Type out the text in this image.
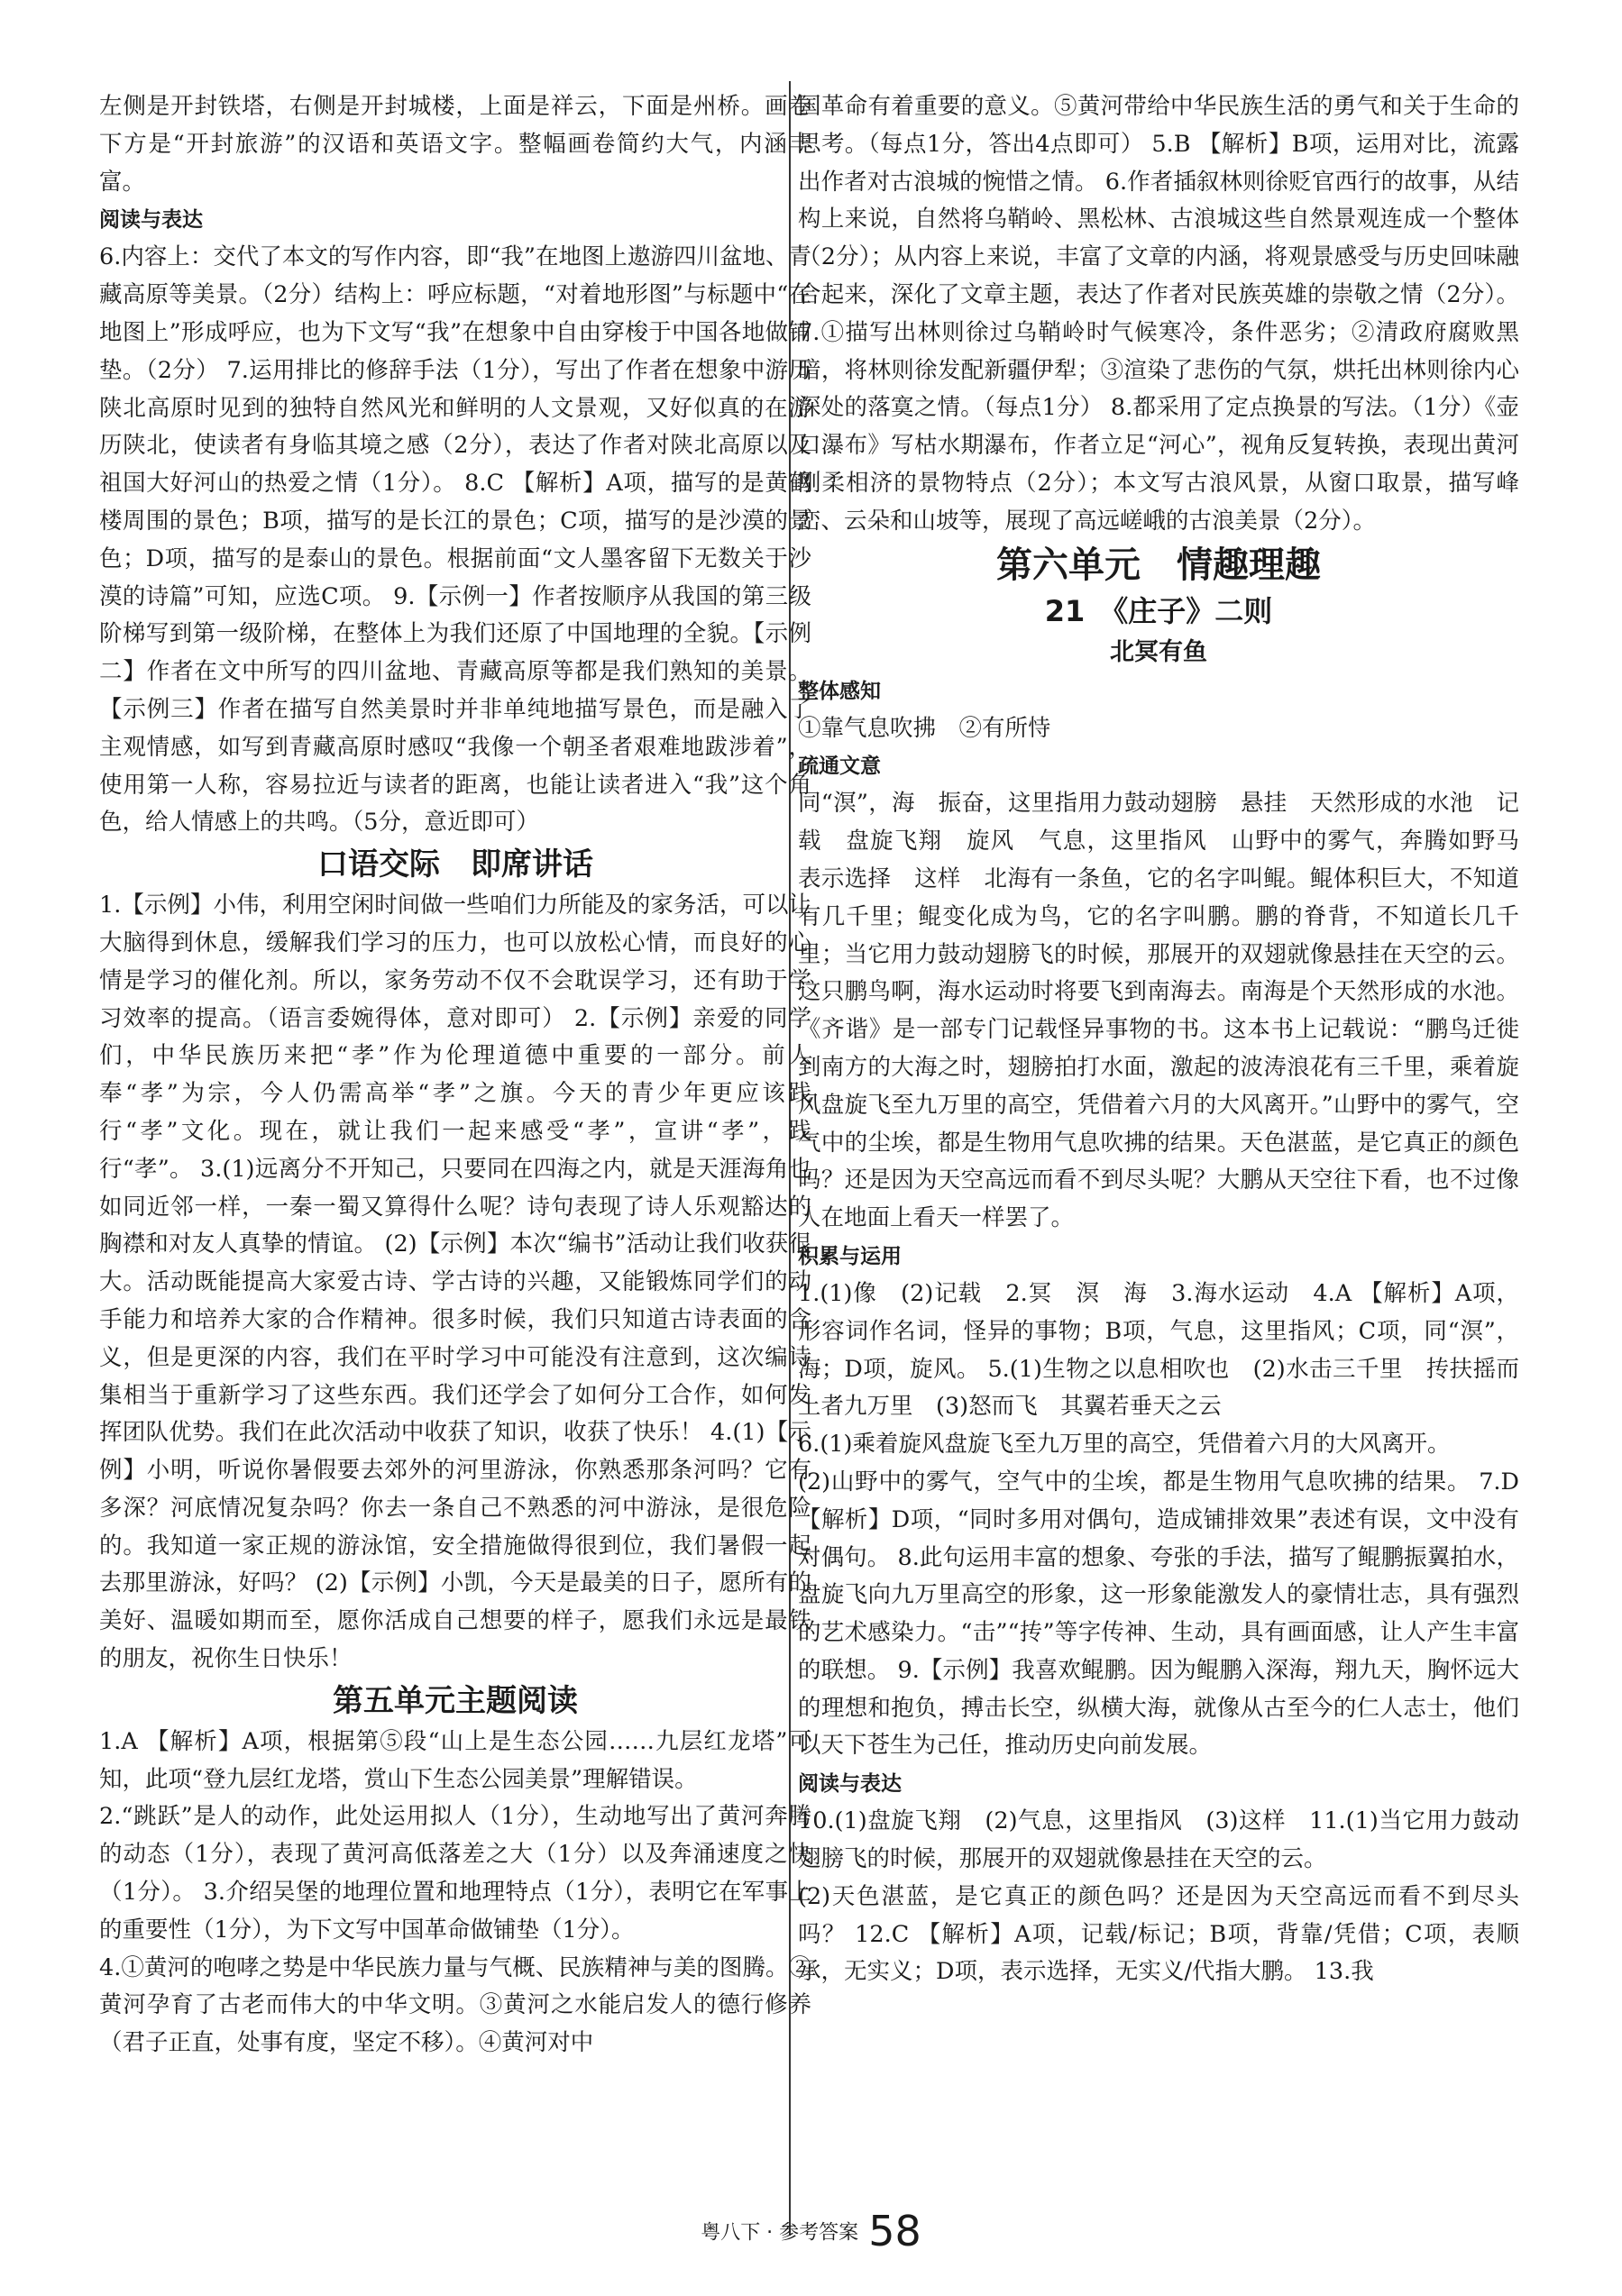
左侧是开封铁塔，右侧是开封城楼，上面是祥云，下面是州桥。画卷下方是“开封旅游”的汉语和英语文字。整幅画卷简约大气，内涵丰富。

阅读与表达

6.内容上：交代了本文的写作内容，即“我”在地图上遨游四川盆地、青藏高原等美景。（2分）结构上：呼应标题，“对着地形图”与标题中“在地图上”形成呼应，也为下文写“我”在想象中自由穿梭于中国各地做铺垫。（2分） 7.运用排比的修辞手法（1分），写出了作者在想象中游历陕北高原时见到的独特自然风光和鲜明的人文景观，又好似真的在游历陕北，使读者有身临其境之感（2分），表达了作者对陕北高原以及祖国大好河山的热爱之情（1分）。 8.C 【解析】A项，描写的是黄鹤楼周围的景色；B项，描写的是长江的景色；C项，描写的是沙漠的景色；D项，描写的是泰山的景色。根据前面“文人墨客留下无数关于沙漠的诗篇”可知，应选C项。 9.【示例一】作者按顺序从我国的第三级阶梯写到第一级阶梯，在整体上为我们还原了中国地理的全貌。【示例二】作者在文中所写的四川盆地、青藏高原等都是我们熟知的美景。【示例三】作者在描写自然美景时并非单纯地描写景色，而是融入了主观情感，如写到青藏高原时感叹“我像一个朝圣者艰难地跋涉着”，使用第一人称，容易拉近与读者的距离，也能让读者进入“我”这个角色，给人情感上的共鸣。（5分，意近即可）

口语交际　即席讲话

1.【示例】小伟，利用空闲时间做一些咱们力所能及的家务活，可以让大脑得到休息，缓解我们学习的压力，也可以放松心情，而良好的心情是学习的催化剂。所以，家务劳动不仅不会耽误学习，还有助于学习效率的提高。（语言委婉得体，意对即可） 2.【示例】亲爱的同学们，中华民族历来把“孝”作为伦理道德中重要的一部分。前人奉“孝”为宗，今人仍需高举“孝”之旗。今天的青少年更应该践行“孝”文化。现在，就让我们一起来感受“孝”，宣讲“孝”，践行“孝”。 3.(1)远离分不开知己，只要同在四海之内，就是天涯海角也如同近邻一样，一秦一蜀又算得什么呢？诗句表现了诗人乐观豁达的胸襟和对友人真挚的情谊。 (2)【示例】本次“编书”活动让我们收获很大。活动既能提高大家爱古诗、学古诗的兴趣，又能锻炼同学们的动手能力和培养大家的合作精神。很多时候，我们只知道古诗表面的含义，但是更深的内容，我们在平时学习中可能没有注意到，这次编诗集相当于重新学习了这些东西。我们还学会了如何分工合作，如何发挥团队优势。我们在此次活动中收获了知识，收获了快乐！ 4.(1)【示例】小明，听说你暑假要去郊外的河里游泳，你熟悉那条河吗？它有多深？河底情况复杂吗？你去一条自己不熟悉的河中游泳，是很危险的。我知道一家正规的游泳馆，安全措施做得很到位，我们暑假一起去那里游泳，好吗？ (2)【示例】小凯，今天是最美的日子，愿所有的美好、温暖如期而至，愿你活成自己想要的样子，愿我们永远是最铁的朋友，祝你生日快乐！

第五单元主题阅读

1.A 【解析】A项，根据第⑤段“山上是生态公园……九层红龙塔”可知，此项“登九层红龙塔，赏山下生态公园美景”理解错误。

2.“跳跃”是人的动作，此处运用拟人（1分），生动地写出了黄河奔腾的动态（1分），表现了黄河高低落差之大（1分）以及奔涌速度之快（1分）。 3.介绍吴堡的地理位置和地理特点（1分），表明它在军事上的重要性（1分），为下文写中国革命做铺垫（1分）。

4.①黄河的咆哮之势是中华民族力量与气概、民族精神与美的图腾。②黄河孕育了古老而伟大的中华文明。③黄河之水能启发人的德行修养（君子正直，处事有度，坚定不移）。④黄河对中

国革命有着重要的意义。⑤黄河带给中华民族生活的勇气和关于生命的思考。（每点1分，答出4点即可） 5.B 【解析】B项，运用对比，流露出作者对古浪城的惋惜之情。 6.作者插叙林则徐贬官西行的故事，从结构上来说，自然将乌鞘岭、黑松林、古浪城这些自然景观连成一个整体（2分）；从内容上来说，丰富了文章的内涵，将观景感受与历史回味融合起来，深化了文章主题，表达了作者对民族英雄的崇敬之情（2分）。 7.①描写出林则徐过乌鞘岭时气候寒冷，条件恶劣；②清政府腐败黑暗，将林则徐发配新疆伊犁；③渲染了悲伤的气氛，烘托出林则徐内心深处的落寞之情。（每点1分） 8.都采用了定点换景的写法。（1分）《壶口瀑布》写枯水期瀑布，作者立足“河心”，视角反复转换，表现出黄河刚柔相济的景物特点（2分）；本文写古浪风景，从窗口取景，描写峰峦、云朵和山坡等，展现了高远嵯峨的古浪美景（2分）。

第六单元　情趣理趣

21　《庄子》二则

北冥有鱼

整体感知

①靠气息吹拂　②有所恃

疏通文意

同“溟”，海　振奋，这里指用力鼓动翅膀　悬挂　天然形成的水池　记载　盘旋飞翔　旋风　气息，这里指风　山野中的雾气，奔腾如野马　表示选择　这样　北海有一条鱼，它的名字叫鲲。鲲体积巨大，不知道有几千里；鲲变化成为鸟，它的名字叫鹏。鹏的脊背，不知道长几千里；当它用力鼓动翅膀飞的时候，那展开的双翅就像悬挂在天空的云。这只鹏鸟啊，海水运动时将要飞到南海去。南海是个天然形成的水池。《齐谐》是一部专门记载怪异事物的书。这本书上记载说：“鹏鸟迁徙到南方的大海之时，翅膀拍打水面，激起的波涛浪花有三千里，乘着旋风盘旋飞至九万里的高空，凭借着六月的大风离开。”山野中的雾气，空气中的尘埃，都是生物用气息吹拂的结果。天色湛蓝，是它真正的颜色吗？还是因为天空高远而看不到尽头呢？大鹏从天空往下看，也不过像人在地面上看天一样罢了。

积累与运用

1.(1)像　(2)记载　2.冥　溟　海　3.海水运动　4.A 【解析】A项，形容词作名词，怪异的事物；B项，气息，这里指风；C项，同“溟”，海；D项，旋风。 5.(1)生物之以息相吹也　(2)水击三千里　抟扶摇而上者九万里　(3)怒而飞　其翼若垂天之云

6.(1)乘着旋风盘旋飞至九万里的高空，凭借着六月的大风离开。

(2)山野中的雾气，空气中的尘埃，都是生物用气息吹拂的结果。 7.D 【解析】D项，“同时多用对偶句，造成铺排效果”表述有误，文中没有对偶句。 8.此句运用丰富的想象、夸张的手法，描写了鲲鹏振翼拍水，盘旋飞向九万里高空的形象，这一形象能激发人的豪情壮志，具有强烈的艺术感染力。“击”“抟”等字传神、生动，具有画面感，让人产生丰富的联想。 9.【示例】我喜欢鲲鹏。因为鲲鹏入深海，翔九天，胸怀远大的理想和抱负，搏击长空，纵横大海，就像从古至今的仁人志士，他们以天下苍生为己任，推动历史向前发展。

阅读与表达

10.(1)盘旋飞翔　(2)气息，这里指风　(3)这样　11.(1)当它用力鼓动翅膀飞的时候，那展开的双翅就像悬挂在天空的云。

(2)天色湛蓝，是它真正的颜色吗？还是因为天空高远而看不到尽头吗？ 12.C 【解析】A项，记载/标记；B项，背靠/凭借；C项，表顺承，无实义；D项，表示选择，无实义/代指大鹏。 13.我

粤八下 · 参考答案 58
